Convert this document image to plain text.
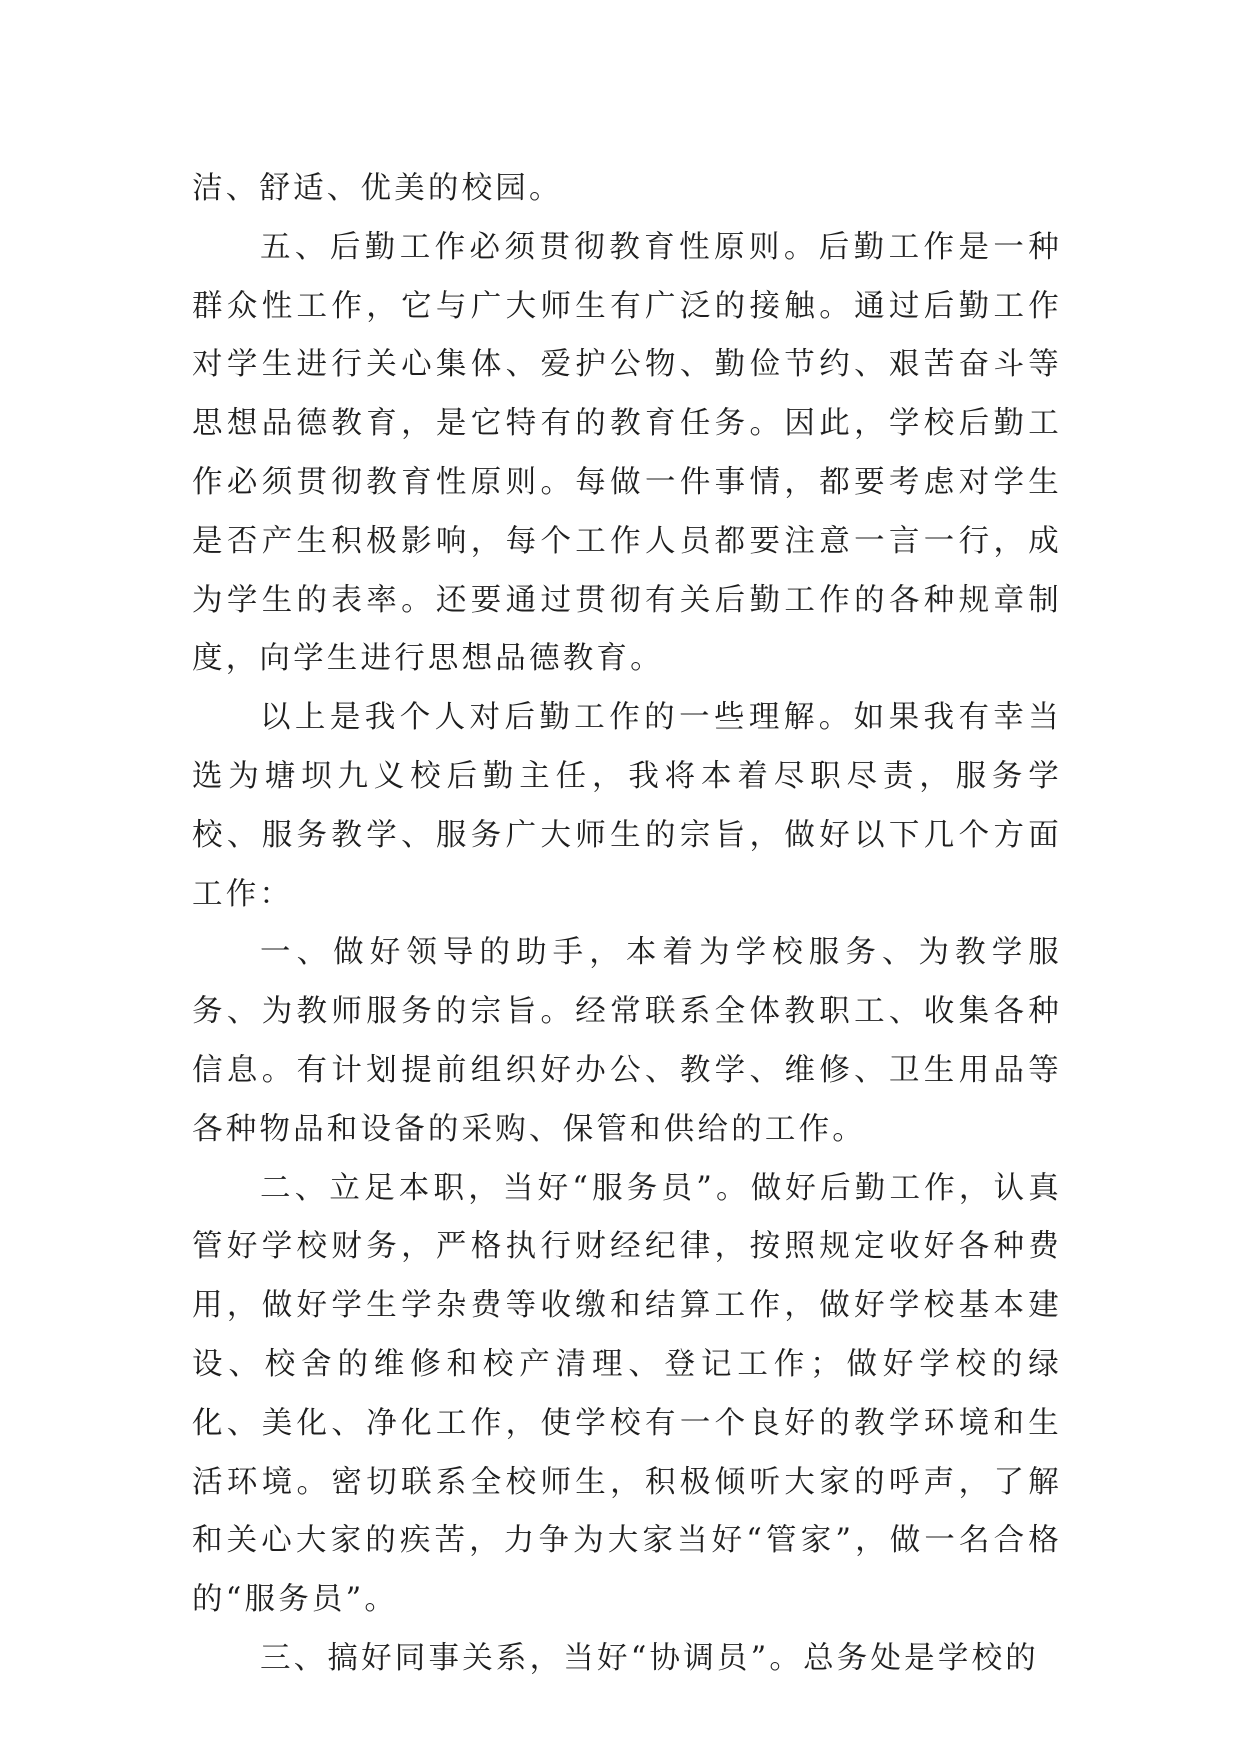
洁、舒适、优美的校园。

五、后勤工作必须贯彻教育性原则。后勤工作是一种群众性工作，它与广大师生有广泛的接触。通过后勤工作对学生进行关心集体、爱护公物、勤俭节约、艰苦奋斗等思想品德教育，是它特有的教育任务。因此，学校后勤工作必须贯彻教育性原则。每做一件事情，都要考虑对学生是否产生积极影响，每个工作人员都要注意一言一行，成为学生的表率。还要通过贯彻有关后勤工作的各种规章制度，向学生进行思想品德教育。

以上是我个人对后勤工作的一些理解。如果我有幸当选为塘坝九义校后勤主任，我将本着尽职尽责，服务学校、服务教学、服务广大师生的宗旨，做好以下几个方面工作：

一、做好领导的助手，本着为学校服务、为教学服务、为教师服务的宗旨。经常联系全体教职工、收集各种信息。有计划提前组织好办公、教学、维修、卫生用品等各种物品和设备的采购、保管和供给的工作。

二、立足本职，当好“服务员”。做好后勤工作，认真管好学校财务，严格执行财经纪律，按照规定收好各种费用，做好学生学杂费等收缴和结算工作，做好学校基本建设、校舍的维修和校产清理、登记工作；做好学校的绿化、美化、净化工作，使学校有一个良好的教学环境和生活环境。密切联系全校师生，积极倾听大家的呼声，了解和关心大家的疾苦，力争为大家当好“管家”，做一名合格的“服务员”。

三、搞好同事关系，当好“协调员”。总务处是学校的
